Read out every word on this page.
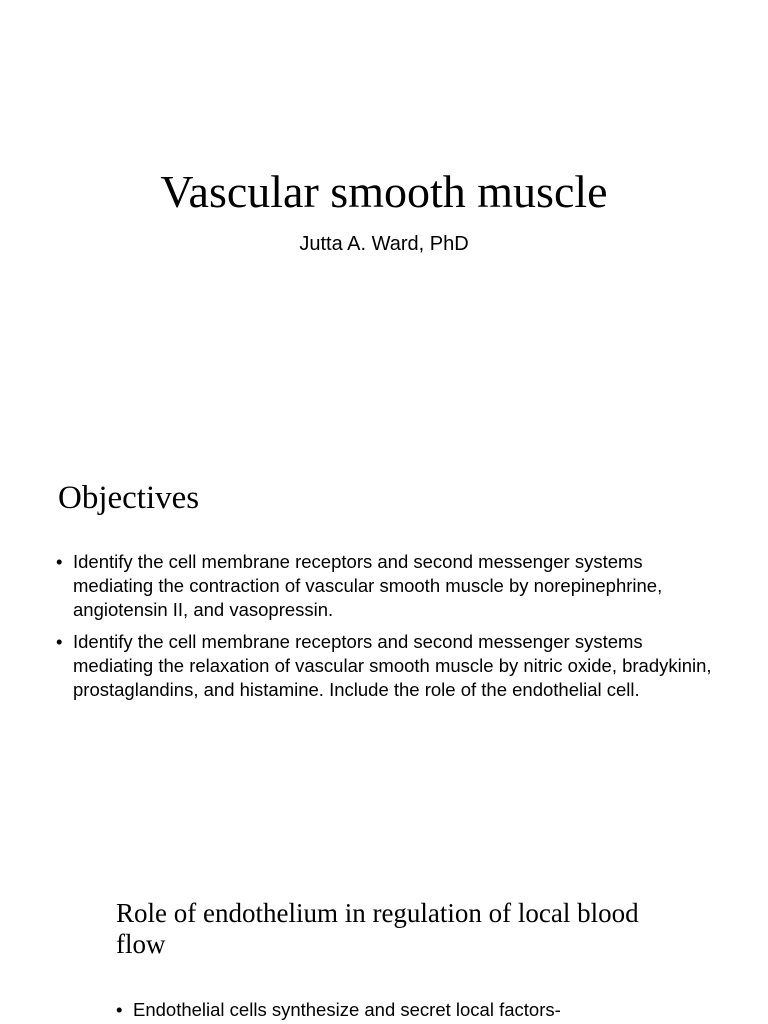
Vascular smooth muscle
Jutta A. Ward, PhD
Objectives
• Identify the cell membrane receptors and second messenger systems mediating the contraction of vascular smooth muscle by norepinephrine, angiotensin II, and vasopressin.
• Identify the cell membrane receptors and second messenger systems mediating the relaxation of vascular smooth muscle by nitric oxide, bradykinin, prostaglandins, and histamine. Include the role of the endothelial cell.
Role of endothelium in regulation of local blood flow
• Endothelial cells synthesize and secret local factors-
